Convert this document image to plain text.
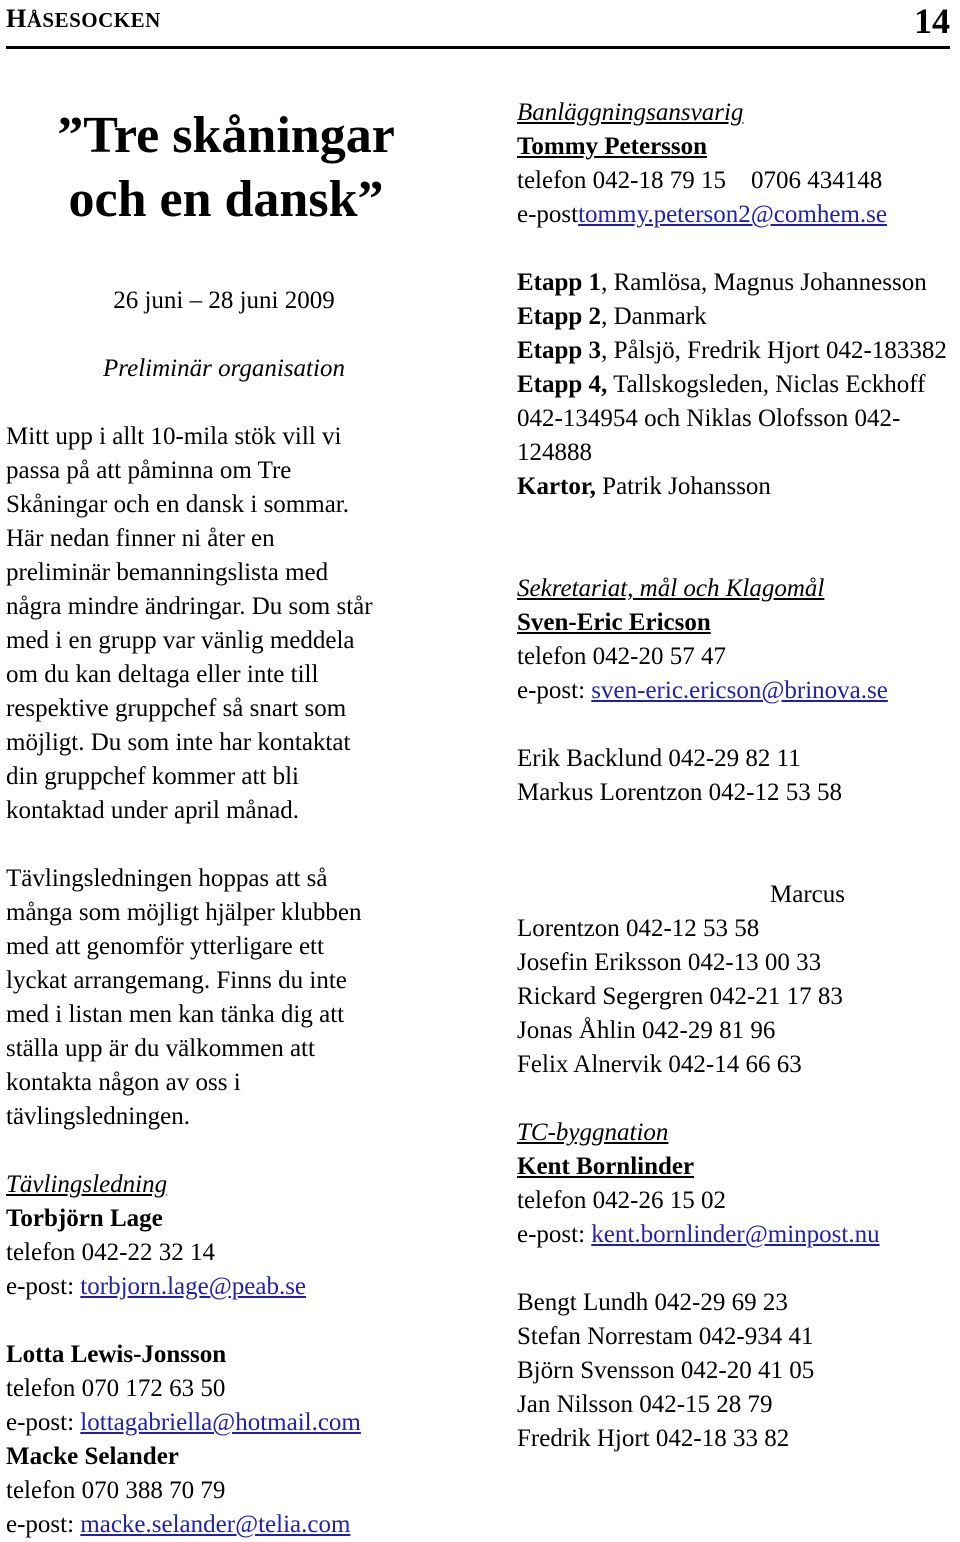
HÅSESOCKEN	14
”Tre skåningar
och en dansk”
26 juni – 28 juni 2009
Preliminär organisation
Mitt upp i allt 10-mila stök vill vi
passa på att påminna om Tre
Skåningar och en dansk i sommar.
Här nedan finner ni åter en
preliminär bemanningslista med
några mindre ändringar. Du som står
med i en grupp var vänlig meddela
om du kan deltaga eller inte till
respektive gruppchef så snart som
möjligt. Du som inte har kontaktat
din gruppchef kommer att bli
kontaktad under april månad.
Tävlingsledningen hoppas att så
många som möjligt hjälper klubben
med att genomför ytterligare ett
lyckat arrangemang. Finns du inte
med i listan men kan tänka dig att
ställa upp är du välkommen att
kontakta någon av oss i
tävlingsledningen.
Tävlingsledning
Torbjörn Lage
telefon 042-22 32 14
e-post: torbjorn.lage@peab.se
Lotta Lewis-Jonsson
telefon 070 172 63 50
e-post: lottagabriella@hotmail.com
Macke Selander
telefon 070 388 70 79
e-post: macke.selander@telia.com
Banläggningsansvarig
Tommy Petersson
telefon 042-18 79 15    0706 434148
e-posttommy.peterson2@comhem.se
Etapp 1, Ramlösa, Magnus Johannesson
Etapp 2, Danmark
Etapp 3, Pålsjö, Fredrik Hjort 042-183382
Etapp 4, Tallskogsleden, Niclas Eckhoff 042-134954 och Niklas Olofsson 042-124888
Kartor, Patrik Johansson
Sekretariat, mål och Klagomål
Sven-Eric Ericson
telefon 042-20 57 47
e-post: sven-eric.ericson@brinova.se
Erik Backlund 042-29 82 11
Markus Lorentzon 042-12 53 58
Marcus
Lorentzon 042-12 53 58
Josefin Eriksson 042-13 00 33
Rickard Segergren 042-21 17 83
Jonas Åhlin 042-29 81 96
Felix Alnervik 042-14 66 63
TC-byggnation
Kent Bornlinder
telefon 042-26 15 02
e-post: kent.bornlinder@minpost.nu
Bengt Lundh 042-29 69 23
Stefan Norrestam 042-934 41
Björn Svensson 042-20 41 05
Jan Nilsson 042-15 28 79
Fredrik Hjort 042-18 33 82
